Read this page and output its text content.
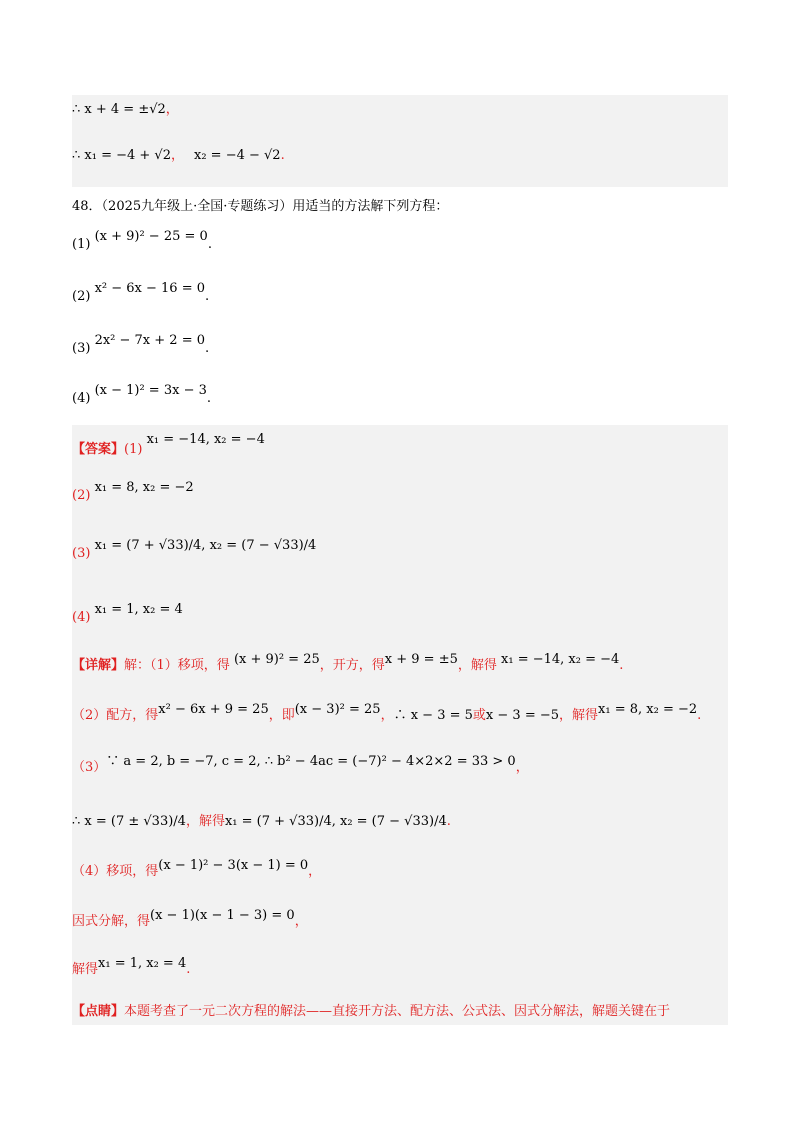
∴ x + 4 = ±√2，
∴ x₁ = −4 + √2， x₂ = −4 − √2.
48．（2025九年级上·全国·专题练习）用适当的方法解下列方程：
(1) (x + 9)² − 25 = 0.
(2) x² − 6x − 16 = 0.
(3) 2x² − 7x + 2 = 0.
(4) (x − 1)² = 3x − 3.
【答案】(1) x₁ = −14, x₂ = −4
(2) x₁ = 8, x₂ = −2
(3) x₁ = (7 + √33)/4, x₂ = (7 − √33)/4
(4) x₁ = 1, x₂ = 4
【详解】解：（1）移项，得 (x + 9)² = 25，开方，得x + 9 = ±5，解得 x₁ = −14, x₂ = −4.
（2）配方，得x² − 6x + 9 = 25，即(x − 3)² = 25，∴ x − 3 = 5或x − 3 = −5，解得x₁ = 8, x₂ = −2.
（3）∵ a = 2, b = −7, c = 2, ∴ b² − 4ac = (−7)² − 4×2×2 = 33 > 0，
∴ x = (7 ± √33)/4，解得x₁ = (7 + √33)/4, x₂ = (7 − √33)/4.
（4）移项，得(x − 1)² − 3(x − 1) = 0，
因式分解，得(x − 1)(x − 1 − 3) = 0，
解得x₁ = 1, x₂ = 4.
【点睛】本题考查了一元二次方程的解法——直接开方法、配方法、公式法、因式分解法，解题关键在于
